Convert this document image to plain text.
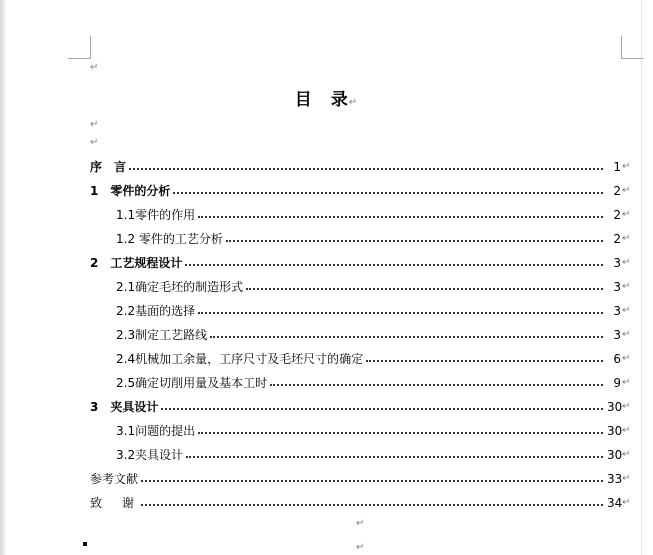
↵
目　录↵
↵
↵
序　言	1 ↵
1　零件的分析	2 ↵
1.1零件的作用	2 ↵
1.2 零件的工艺分析	2 ↵
2　工艺规程设计	3 ↵
2.1确定毛坯的制造形式	3 ↵
2.2基面的选择	3 ↵
2.3制定工艺路线	3 ↵
2.4机械加工余量，工序尺寸及毛坯尺寸的确定	6 ↵
2.5确定切削用量及基本工时	9 ↵
3　夹具设计	30 ↵
3.1问题的提出	30 ↵
3.2夹具设计	30 ↵
参考文献	33 ↵
致　谢	34 ↵
↵
↵
